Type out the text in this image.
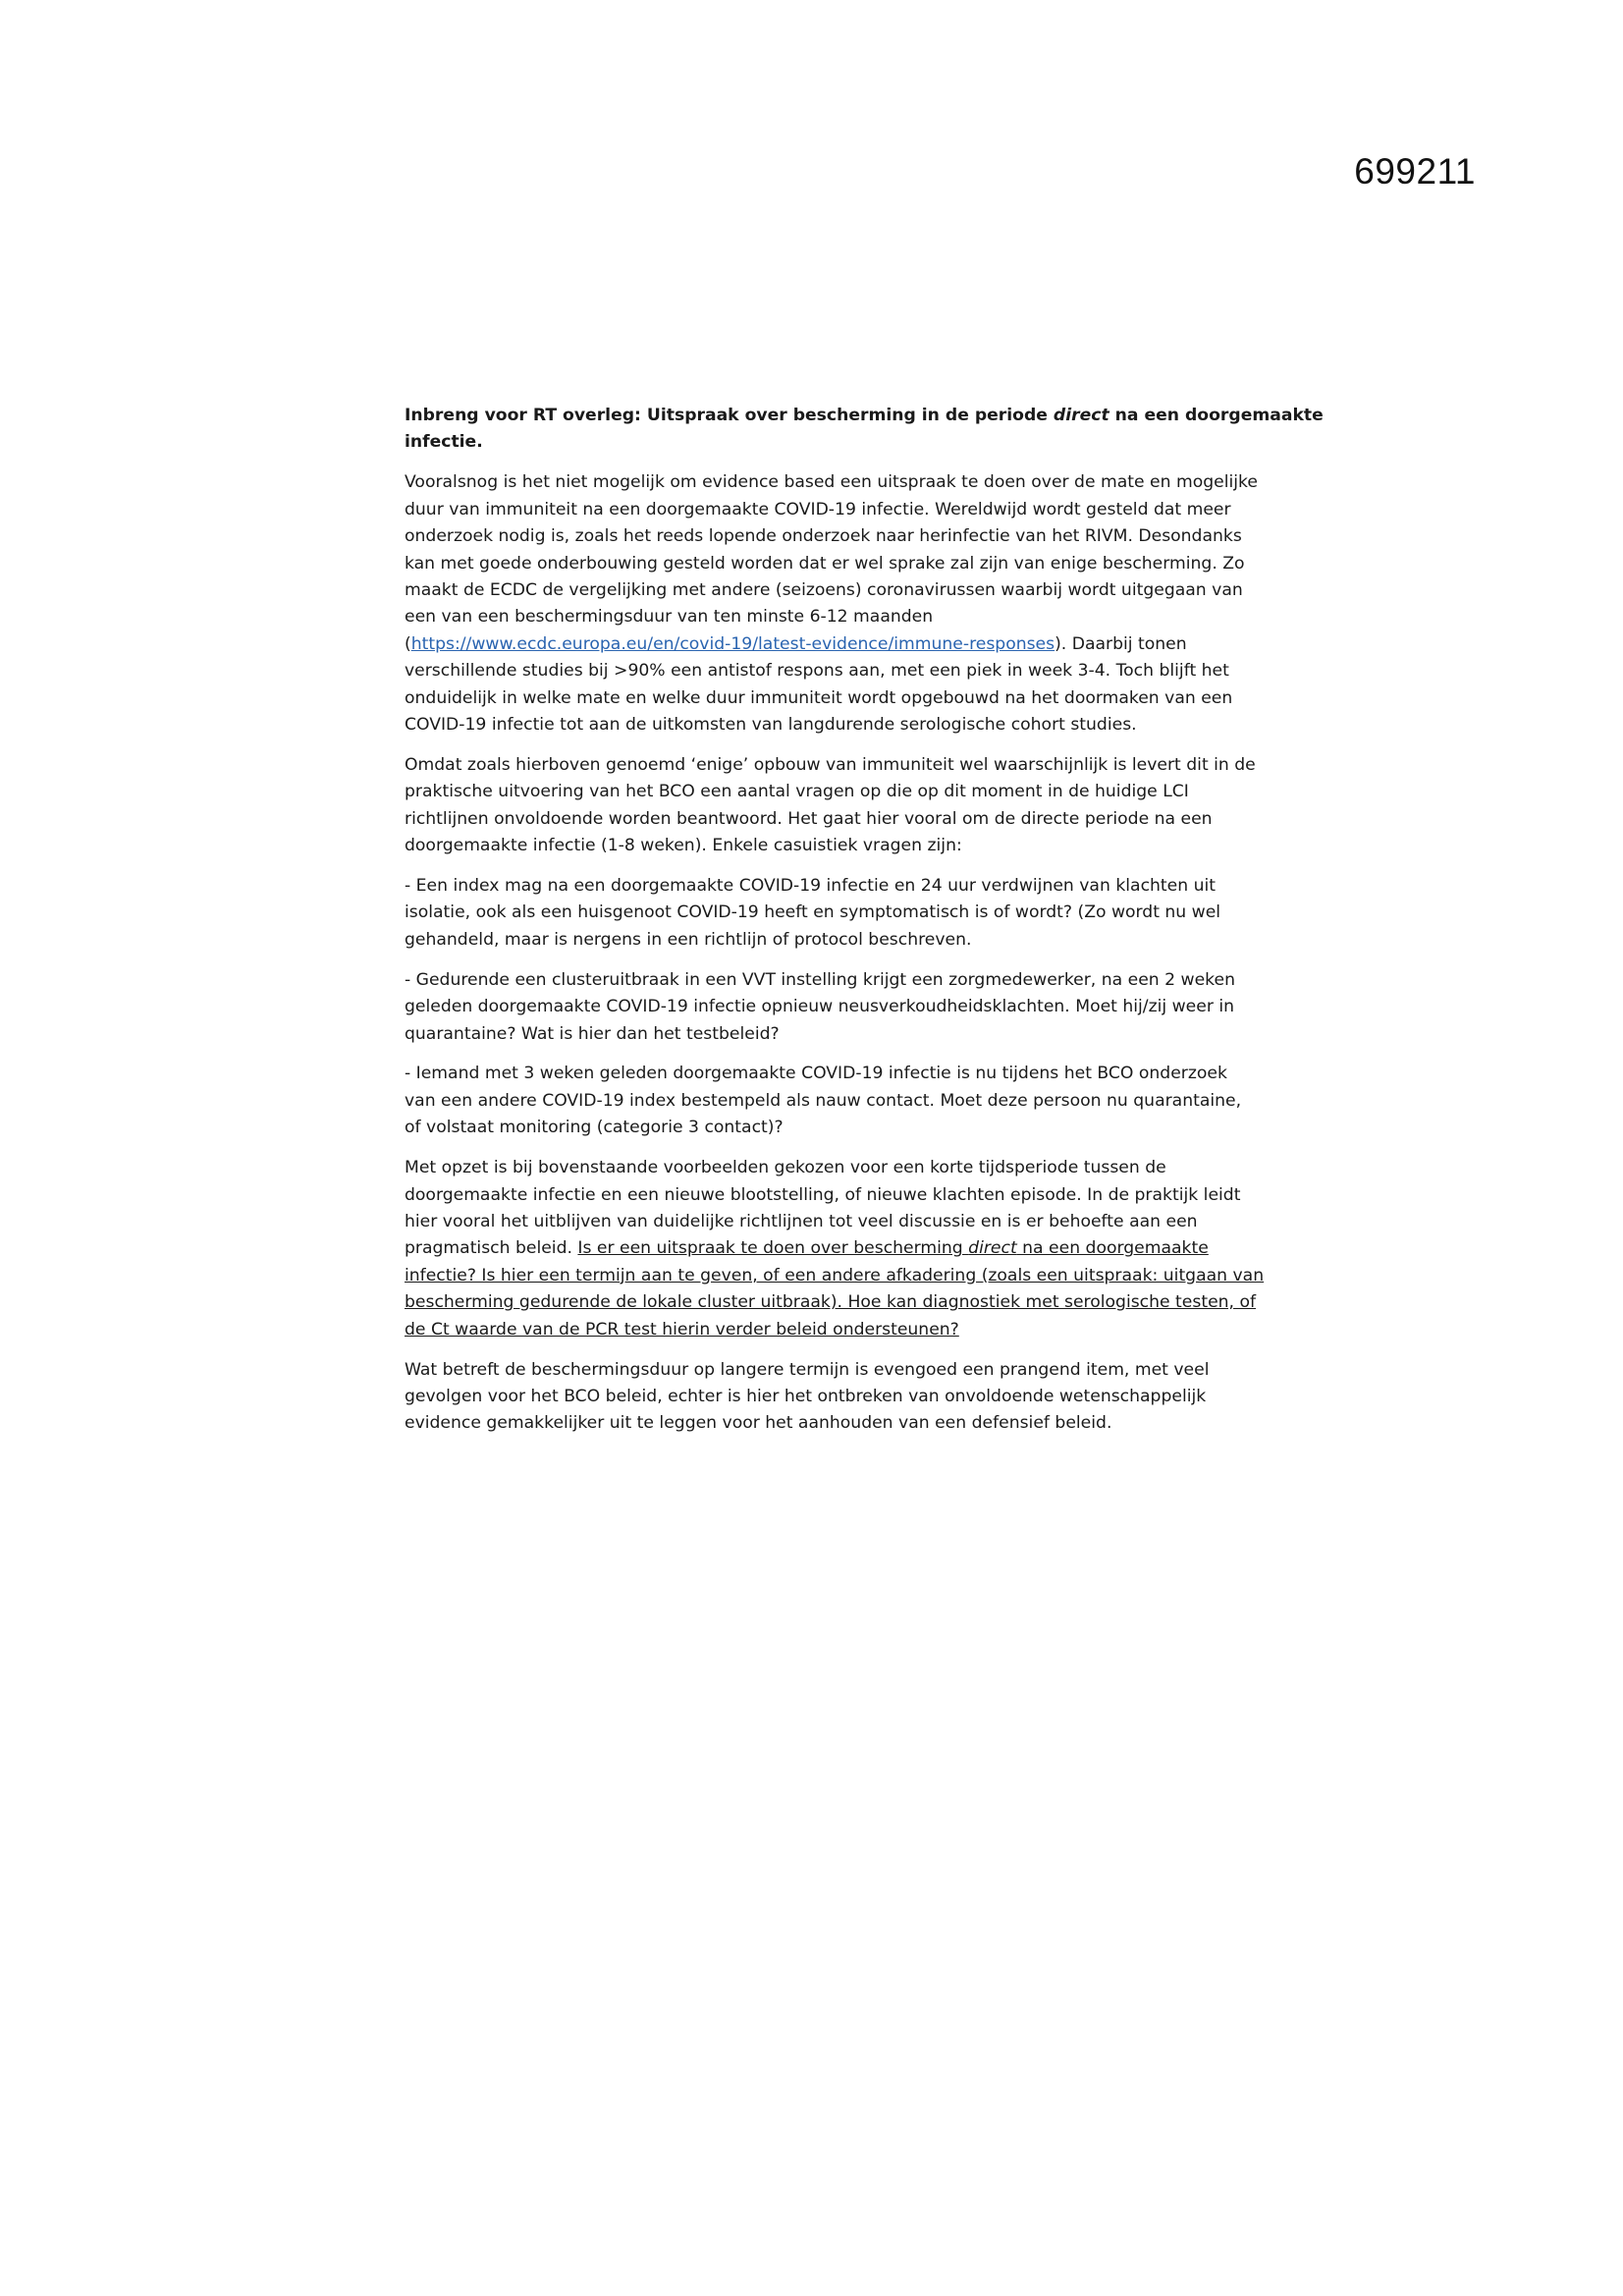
699211

Inbreng voor RT overleg: Uitspraak over bescherming in de periode direct na een doorgemaakte
infectie.

Vooralsnog is het niet mogelijk om evidence based een uitspraak te doen over de mate en mogelijke
duur van immuniteit na een doorgemaakte COVID-19 infectie. Wereldwijd wordt gesteld dat meer
onderzoek nodig is, zoals het reeds lopende onderzoek naar herinfectie van het RIVM. Desondanks
kan met goede onderbouwing gesteld worden dat er wel sprake zal zijn van enige bescherming. Zo
maakt de ECDC de vergelijking met andere (seizoens) coronavirussen waarbij wordt uitgegaan van
een van een beschermingsduur van ten minste 6-12 maanden
(https://www.ecdc.europa.eu/en/covid-19/latest-evidence/immune-responses). Daarbij tonen
verschillende studies bij >90% een antistof respons aan, met een piek in week 3-4. Toch blijft het
onduidelijk in welke mate en welke duur immuniteit wordt opgebouwd na het doormaken van een
COVID-19 infectie tot aan de uitkomsten van langdurende serologische cohort studies.

Omdat zoals hierboven genoemd ‘enige’ opbouw van immuniteit wel waarschijnlijk is levert dit in de
praktische uitvoering van het BCO een aantal vragen op die op dit moment in de huidige LCI
richtlijnen onvoldoende worden beantwoord. Het gaat hier vooral om de directe periode na een
doorgemaakte infectie (1-8 weken). Enkele casuistiek vragen zijn:

- Een index mag na een doorgemaakte COVID-19 infectie en 24 uur verdwijnen van klachten uit
isolatie, ook als een huisgenoot COVID-19 heeft en symptomatisch is of wordt? (Zo wordt nu wel
gehandeld, maar is nergens in een richtlijn of protocol beschreven.

- Gedurende een clusteruitbraak in een VVT instelling krijgt een zorgmedewerker, na een 2 weken
geleden doorgemaakte COVID-19 infectie opnieuw neusverkoudheidsklachten. Moet hij/zij weer in
quarantaine? Wat is hier dan het testbeleid?

- Iemand met 3 weken geleden doorgemaakte COVID-19 infectie is nu tijdens het BCO onderzoek
van een andere COVID-19 index bestempeld als nauw contact. Moet deze persoon nu quarantaine,
of volstaat monitoring (categorie 3 contact)?

Met opzet is bij bovenstaande voorbeelden gekozen voor een korte tijdsperiode tussen de
doorgemaakte infectie en een nieuwe blootstelling, of nieuwe klachten episode. In de praktijk leidt
hier vooral het uitblijven van duidelijke richtlijnen tot veel discussie en is er behoefte aan een
pragmatisch beleid. Is er een uitspraak te doen over bescherming direct na een doorgemaakte
infectie? Is hier een termijn aan te geven, of een andere afkadering (zoals een uitspraak: uitgaan van
bescherming gedurende de lokale cluster uitbraak). Hoe kan diagnostiek met serologische testen, of
de Ct waarde van de PCR test hierin verder beleid ondersteunen?

Wat betreft de beschermingsduur op langere termijn is evengoed een prangend item, met veel
gevolgen voor het BCO beleid, echter is hier het ontbreken van onvoldoende wetenschappelijk
evidence gemakkelijker uit te leggen voor het aanhouden van een defensief beleid.
